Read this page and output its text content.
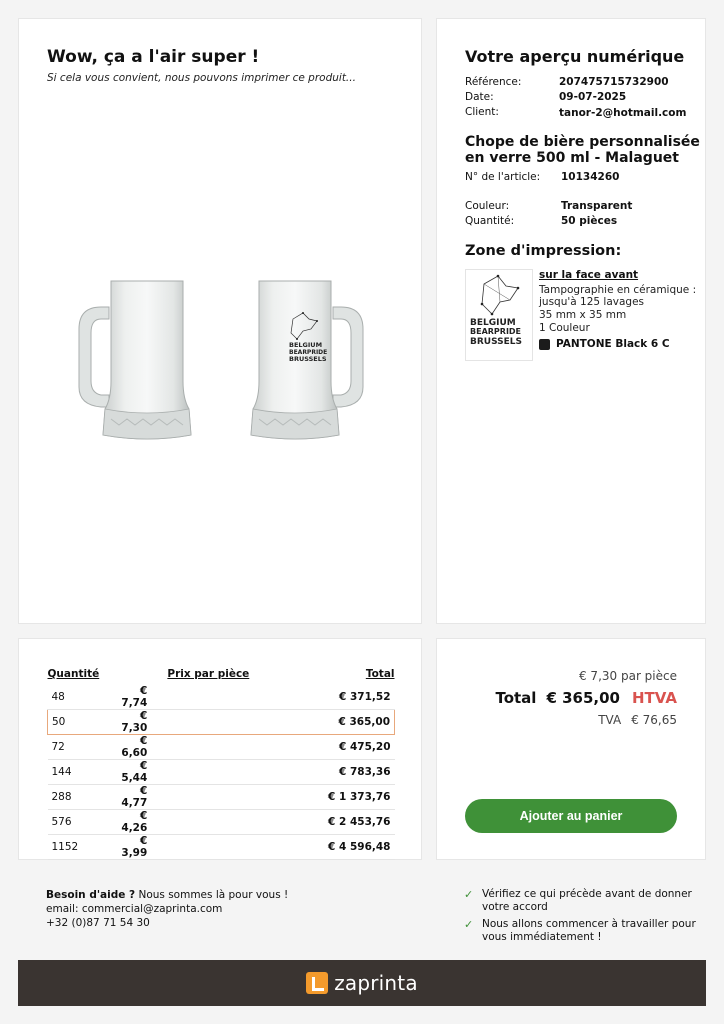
Wow, ça a l'air super !
Si cela vous convient, nous pouvons imprimer ce produit...
BELGIUM
BEARPRIDE
BRUSSELS
Votre aperçu numérique
Référence:	207475715732900
Date:	09-07-2025
Client:	tanor-2@hotmail.com
Chope de bière personnalisée en verre 500 ml - Malaguet
N° de l'article:	10134260
Couleur:	Transparent
Quantité:	50 pièces
Zone d'impression:
BELGIUM
BEARPRIDE
BRUSSELS
sur la face avant
Tampographie en céramique : jusqu'à 125 lavages
35 mm x 35 mm
1 Couleur
PANTONE Black 6 C
Quantité	Prix par pièce	Total
48	€ 7,74	€ 371,52
50	€ 7,30	€ 365,00
72	€ 6,60	€ 475,20
144	€ 5,44	€ 783,36
288	€ 4,77	€ 1 373,76
576	€ 4,26	€ 2 453,76
1152	€ 3,99	€ 4 596,48
€ 7,30 par pièce
Total € 365,00 HTVA
TVA € 76,65
Ajouter au panier
Besoin d'aide ? Nous sommes là pour vous !
email: commercial@zaprinta.com
+32 (0)87 71 54 30
✓ Vérifiez ce qui précède avant de donner votre accord
✓ Nous allons commencer à travailler pour vous immédiatement !
zaprinta
